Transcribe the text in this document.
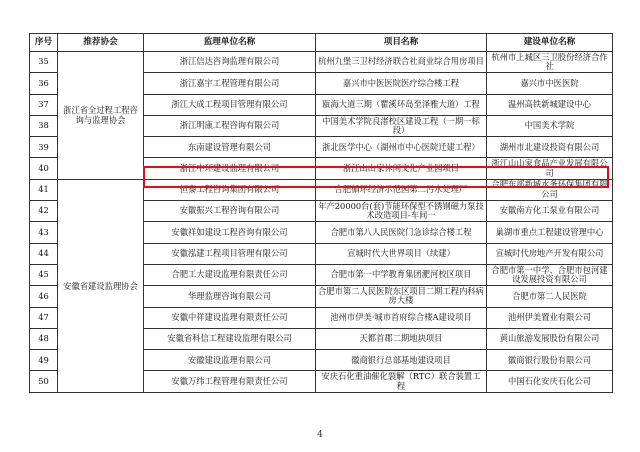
序号	推荐协会	监理单位名称	项目名称	建设单位名称
35	浙江省全过程工程咨询与监理协会	浙江信达咨询监理有限公司	杭州九堡三卫村经济联合社商业综合用房项目	杭州市上城区三卫股份经济合作社
36		浙江嘉宇工程管理有限公司	嘉兴市中医医院医疗综合楼工程	嘉兴市中医医院
37		浙江大成工程项目管理有限公司	瓯海大道三期（瞿溪环岛至泽雅大道）工程	温州高铁新城建设中心
38		浙江明康工程咨询有限公司	中国美术学院良渚校区建设工程（一期一标段）	中国美术学院
39		东南建设管理有限公司	浙北医学中心（湖州市中心医院迁建工程）	湖州市北建设投资有限公司
40		浙江中环建设监理有限公司	浙江山山家休闲文化产业园项目	浙江山山家食品产业发展有限公司
41	安徽省建设监理协会	恒泰工程咨询集团有限公司	合肥循环经济示范园第二污水处理厂	合肥东部新城水务环保集团有限公司
42		安徽振兴工程咨询有限公司	年产20000台(套)节能环保型不锈钢磁力泵技术改造项目-车间一	安徽南方化工泵业有限公司
43		安徽祥如建设工程咨询有限公司	合肥市第八人民医院门急诊综合楼工程	巢湖市重点工程建设管理中心
44		安徽泓建工程项目管理有限公司	宣城时代大世界项目（续建）	宣城时代房地产开发有限公司
45		合肥工大建设监理有限责任公司	合肥市第一中学教育集团淝河校区项目	合肥市第一中学、合肥市包河建设发展投资有限公司
46		华理监理咨询有限公司	合肥市第二人民医院东区项目二期工程内科病房大楼	合肥市第二人民医院
47		安徽中祥建设监理有限责任公司	池州市伊美·城市首府综合楼A建设项目	池州伊美置业有限公司
48		安徽省科信工程建设监理有限公司	天都首郡二期地块项目	黄山旅游发展股份有限公司
49		安徽建设监理有限公司	徽商银行总部基地建设项目	徽商银行股份有限公司
50		安徽万纬工程管理有限责任公司	安庆石化重油催化裂解（RTC）联合装置工程	中国石化安庆石化公司
4
